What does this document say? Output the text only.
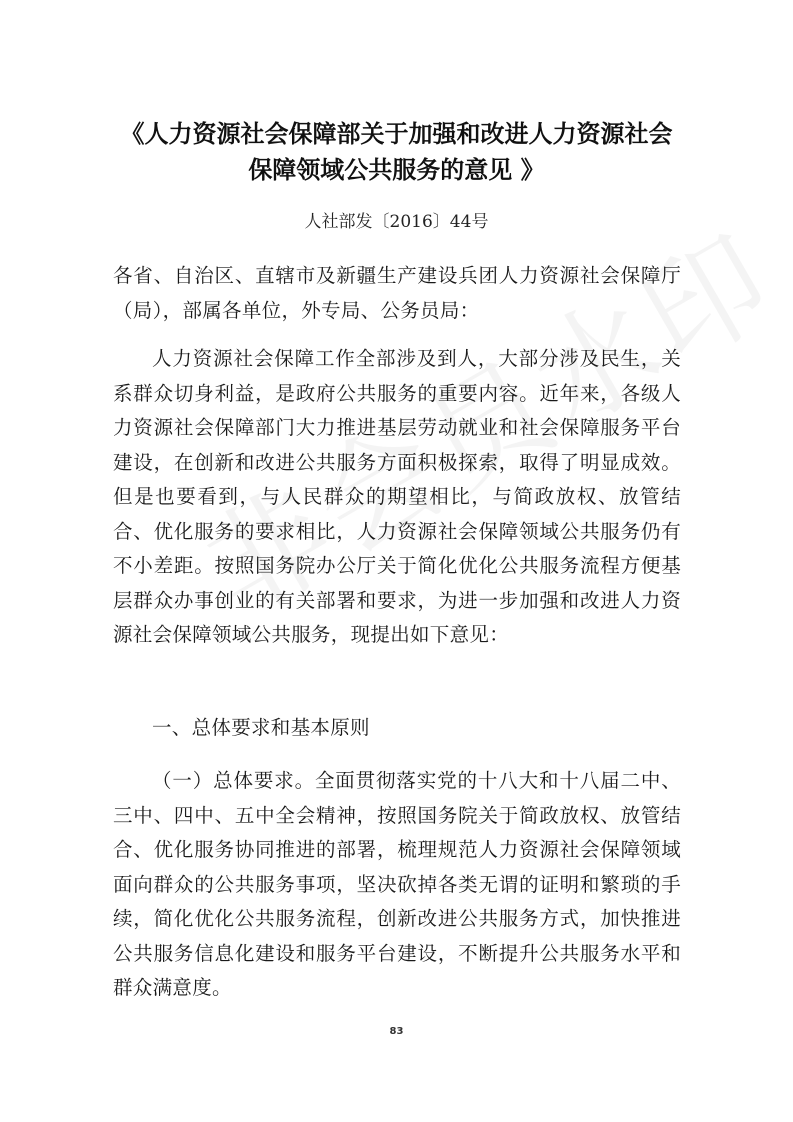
《人力资源社会保障部关于加强和改进人力资源社会
保障领域公共服务的意见 》
人社部发〔2016〕44号
各省、自治区、直辖市及新疆生产建设兵团人力资源社会保障厅（局），部属各单位，外专局、公务员局：
人力资源社会保障工作全部涉及到人，大部分涉及民生，关系群众切身利益，是政府公共服务的重要内容。近年来，各级人力资源社会保障部门大力推进基层劳动就业和社会保障服务平台建设，在创新和改进公共服务方面积极探索，取得了明显成效。但是也要看到，与人民群众的期望相比，与简政放权、放管结合、优化服务的要求相比，人力资源社会保障领域公共服务仍有不小差距。按照国务院办公厅关于简化优化公共服务流程方便基层群众办事创业的有关部署和要求，为进一步加强和改进人力资源社会保障领域公共服务，现提出如下意见：
一、总体要求和基本原则
（一）总体要求。全面贯彻落实党的十八大和十八届二中、三中、四中、五中全会精神，按照国务院关于简政放权、放管结合、优化服务协同推进的部署，梳理规范人力资源社会保障领域面向群众的公共服务事项，坚决砍掉各类无谓的证明和繁琐的手续，简化优化公共服务流程，创新改进公共服务方式，加快推进公共服务信息化建设和服务平台建设，不断提升公共服务水平和群众满意度。
83
